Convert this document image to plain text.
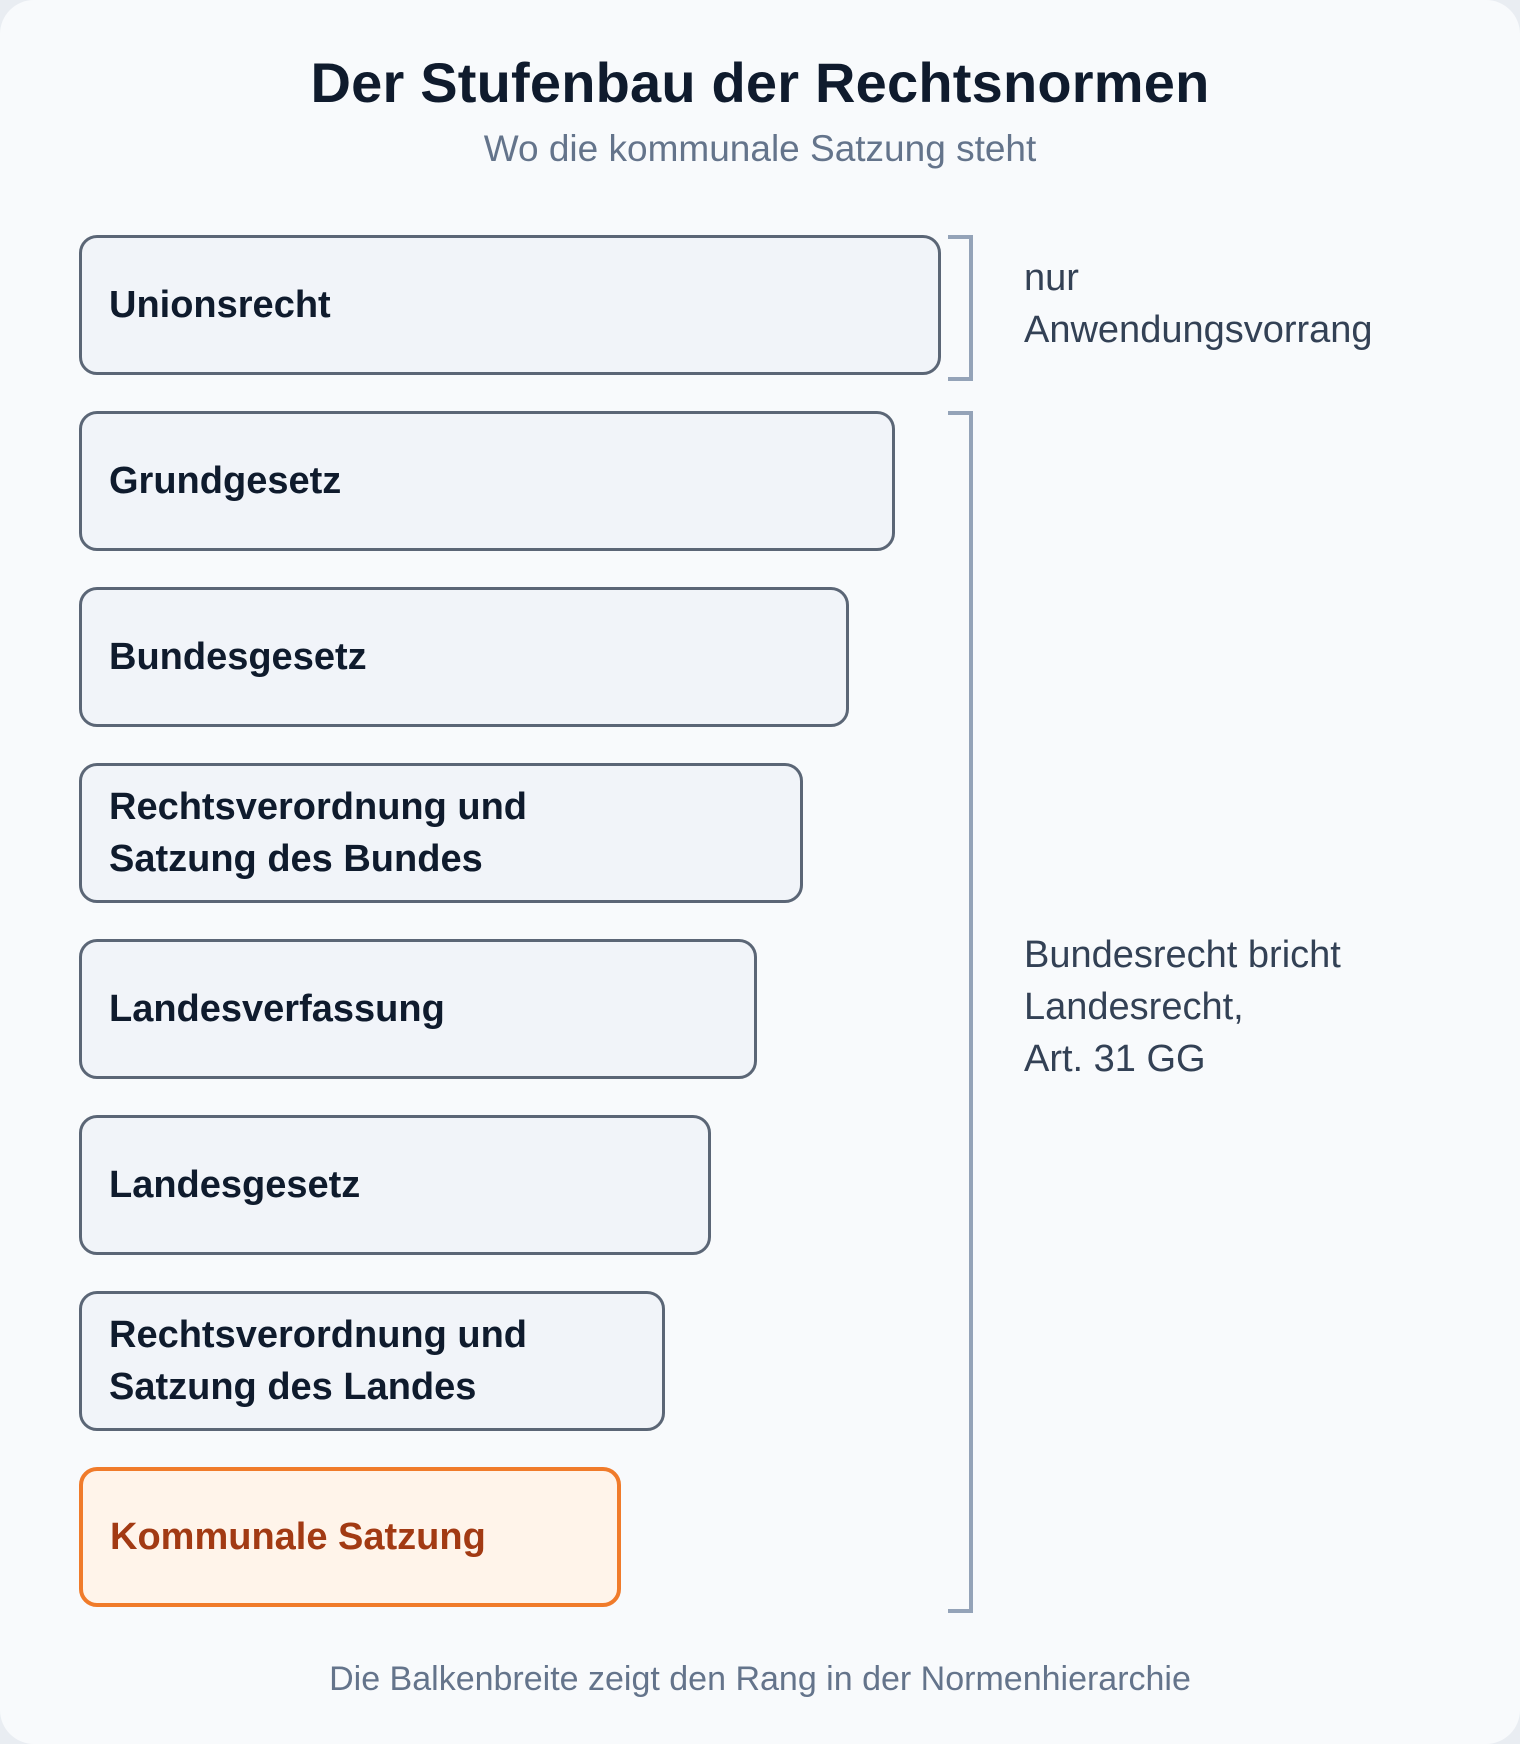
Der Stufenbau der Rechtsnormen

Wo die kommunale Satzung steht

Unionsrecht
Grundgesetz
Bundesgesetz
Rechtsverordnung und
Satzung des Bundes
Landesverfassung
Landesgesetz
Rechtsverordnung und
Satzung des Landes
Kommunale Satzung
nur
Anwendungsvorrang
Bundesrecht bricht
Landesrecht,
Art. 31 GG
Die Balkenbreite zeigt den Rang in der Normenhierarchie
